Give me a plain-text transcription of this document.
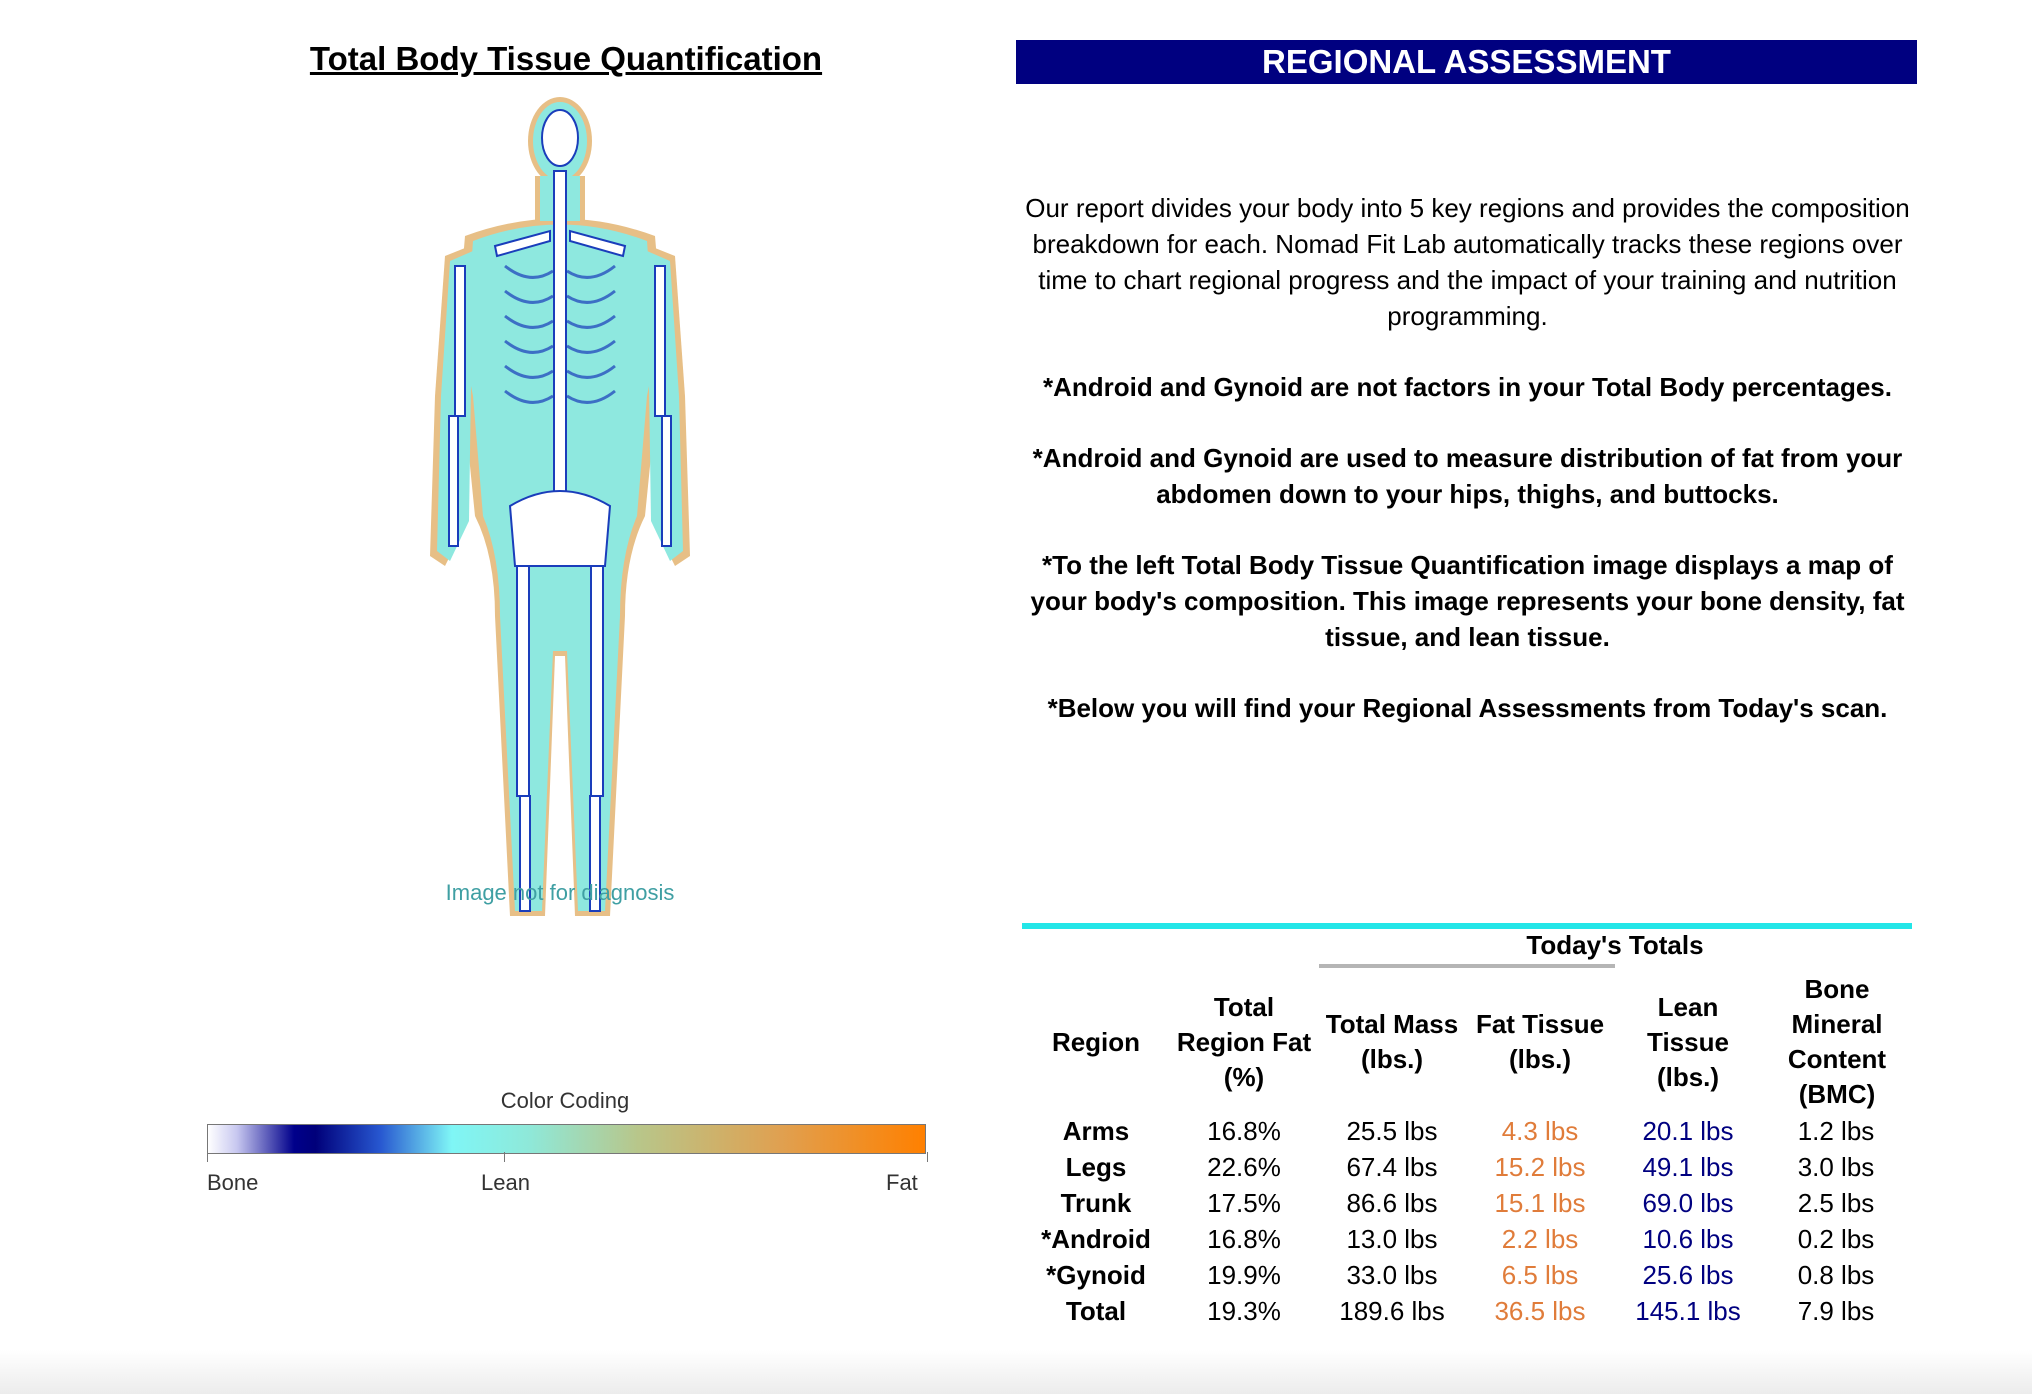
Total Body Tissue Quantification
Image not for diagnosis
Color Coding
Bone	Lean	Fat
REGIONAL ASSESSMENT

Our report divides your body into 5 key regions and provides the composition breakdown for each. Nomad Fit Lab automatically tracks these regions over time to chart regional progress and the impact of your training and nutrition programming.

*Android and Gynoid are not factors in your Total Body percentages.

*Android and Gynoid are used to measure distribution of fat from your abdomen down to your hips, thighs, and buttocks.

*To the left Total Body Tissue Quantification image displays a map of your body's composition. This image represents your bone density, fat tissue, and lean tissue.

*Below you will find your Regional Assessments from Today's scan.

Today's Totals
Region
Total Region Fat (%)
Total Mass (lbs.)
Fat Tissue (lbs.)
Lean Tissue (lbs.)
Bone Mineral Content (BMC)
Arms	16.8%	25.5 lbs	4.3 lbs	20.1 lbs	1.2 lbs
Legs	22.6%	67.4 lbs	15.2 lbs	49.1 lbs	3.0 lbs
Trunk	17.5%	86.6 lbs	15.1 lbs	69.0 lbs	2.5 lbs
*Android	16.8%	13.0 lbs	2.2 lbs	10.6 lbs	0.2 lbs
*Gynoid	19.9%	33.0 lbs	6.5 lbs	25.6 lbs	0.8 lbs
Total	19.3%	189.6 lbs	36.5 lbs	145.1 lbs	7.9 lbs
